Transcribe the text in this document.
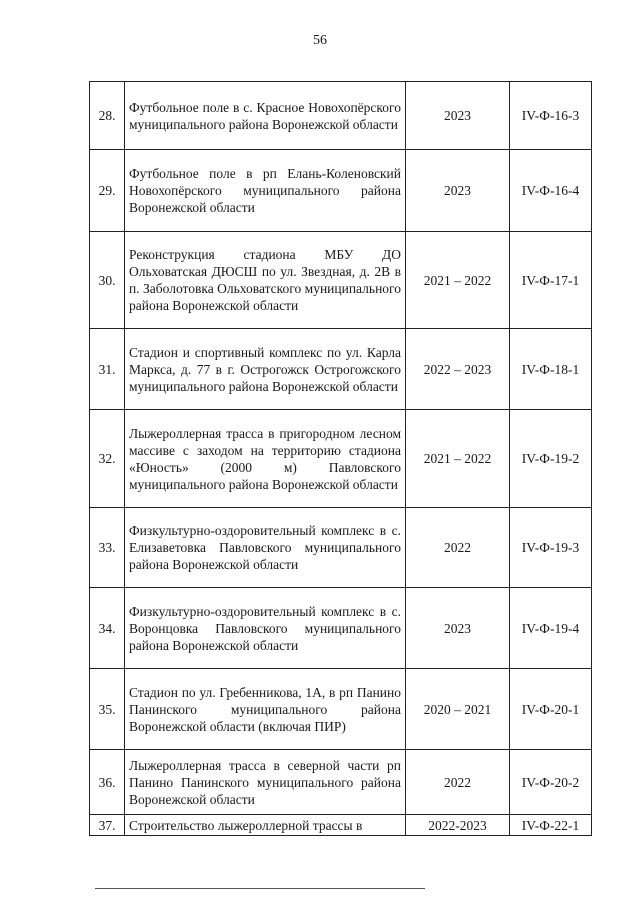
56
28.	Футбольное поле в с. Красное Новохопёрского муниципального района Воронежской области	2023	IV-Ф-16-3
29.	Футбольное поле в рп Елань-Коленовский Новохопёрского муниципального района Воронежской области	2023	IV-Ф-16-4
30.	Реконструкция стадиона МБУ ДО Ольховатская ДЮСШ по ул. Звездная, д. 2В в п. Заболотовка Ольховатского муниципального района Воронежской области	2021 – 2022	IV-Ф-17-1
31.	Стадион и спортивный комплекс по ул. Карла Маркса, д. 77 в г. Острогожск Острогожского муниципального района Воронежской области	2022 – 2023	IV-Ф-18-1
32.	Лыжероллерная трасса в пригородном лесном массиве с заходом на территорию стадиона «Юность» (2000 м) Павловского муниципального района Воронежской области	2021 – 2022	IV-Ф-19-2
33.	Физкультурно-оздоровительный комплекс в с. Елизаветовка Павловского муниципального района Воронежской области	2022	IV-Ф-19-3
34.	Физкультурно-оздоровительный комплекс в с. Воронцовка Павловского муниципального района Воронежской области	2023	IV-Ф-19-4
35.	Стадион по ул. Гребенникова, 1А, в рп Панино Панинского муниципального района Воронежской области (включая ПИР)	2020 – 2021	IV-Ф-20-1
36.	Лыжероллерная трасса в северной части рп Панино Панинского муниципального района Воронежской области	2022	IV-Ф-20-2
37.	Строительство лыжероллерной трассы в	2022-2023	IV-Ф-22-1
